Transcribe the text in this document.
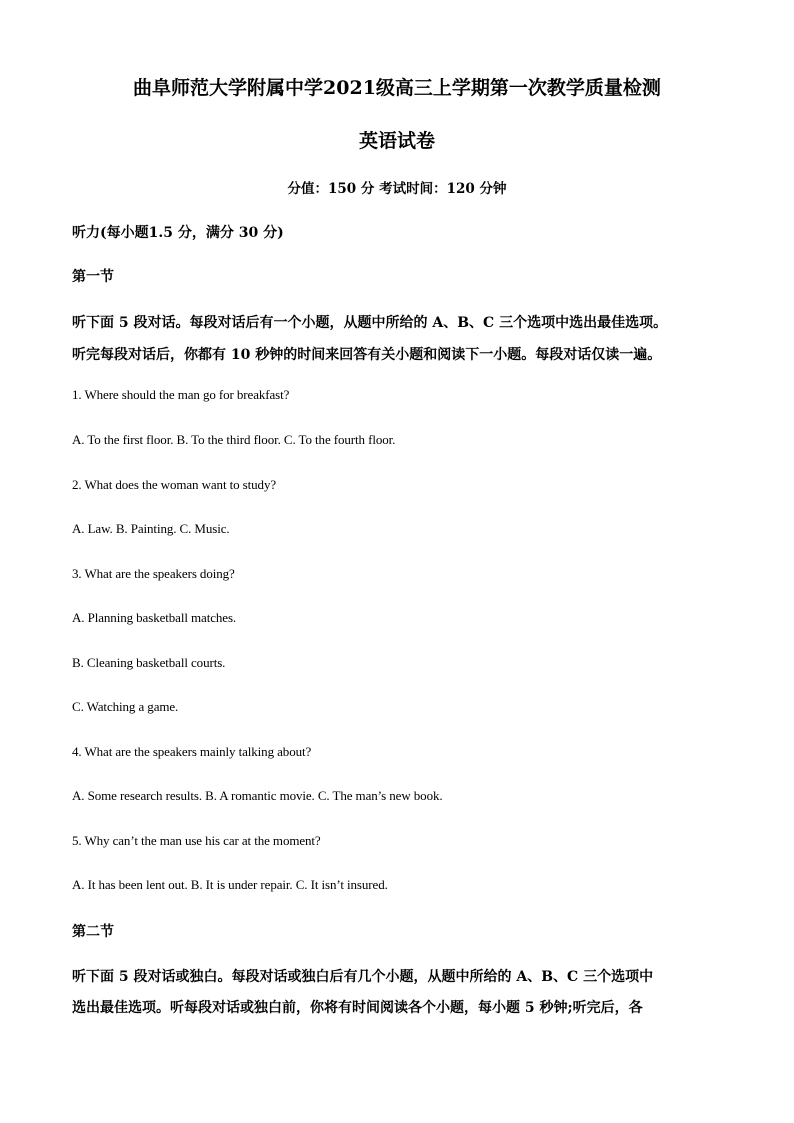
曲阜师范大学附属中学2021级高三上学期第一次教学质量检测
英语试卷
分值：150 分 考试时间：120 分钟
听力(每小题1.5 分，满分 30 分)
第一节
听下面 5 段对话。每段对话后有一个小题，从题中所给的 A、B、C 三个选项中选出最佳选项。
听完每段对话后，你都有 10 秒钟的时间来回答有关小题和阅读下一小题。每段对话仅读一遍。
1. Where should the man go for breakfast?
A. To the first floor. B. To the third floor. C. To the fourth floor.
2. What does the woman want to study?
A. Law. B. Painting. C. Music.
3. What are the speakers doing?
A. Planning basketball matches.
B. Cleaning basketball courts.
C. Watching a game.
4. What are the speakers mainly talking about?
A. Some research results. B. A romantic movie. C. The man’s new book.
5. Why can’t the man use his car at the moment?
A. It has been lent out. B. It is under repair. C. It isn’t insured.
第二节
听下面 5 段对话或独白。每段对话或独白后有几个小题，从题中所给的 A、B、C 三个选项中
选出最佳选项。听每段对话或独白前，你将有时间阅读各个小题，每小题 5 秒钟;听完后，各
